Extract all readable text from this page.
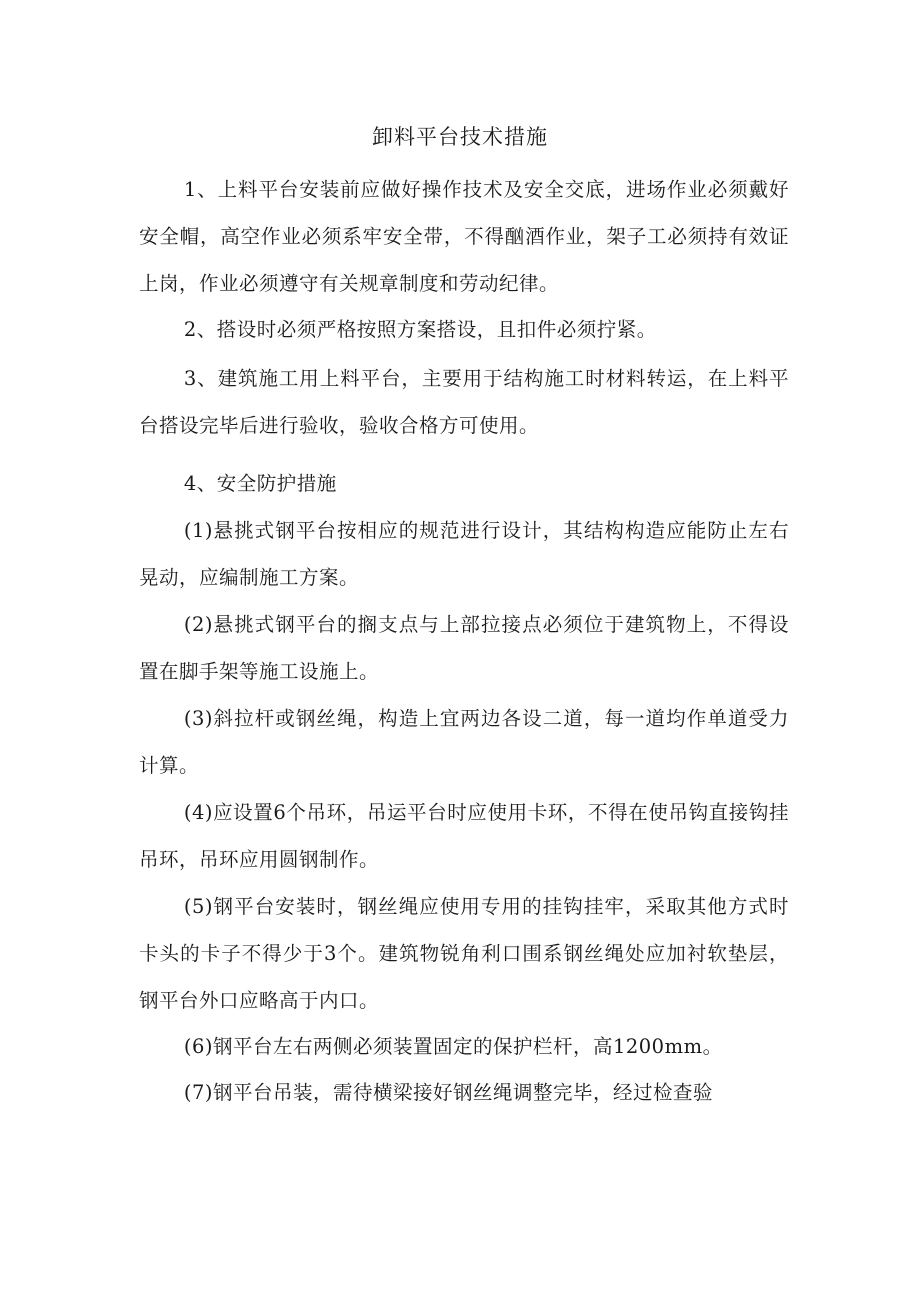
卸料平台技术措施

1、上料平台安装前应做好操作技术及安全交底，进场作业必须戴好安全帽，高空作业必须系牢安全带，不得酗酒作业，架子工必须持有效证上岗，作业必须遵守有关规章制度和劳动纪律。

2、搭设时必须严格按照方案搭设，且扣件必须拧紧。

3、建筑施工用上料平台，主要用于结构施工时材料转运，在上料平台搭设完毕后进行验收，验收合格方可使用。

4、安全防护措施

(1)悬挑式钢平台按相应的规范进行设计，其结构构造应能防止左右晃动，应编制施工方案。

(2)悬挑式钢平台的搁支点与上部拉接点必须位于建筑物上，不得设置在脚手架等施工设施上。

(3)斜拉杆或钢丝绳，构造上宜两边各设二道，每一道均作单道受力计算。

(4)应设置6个吊环，吊运平台时应使用卡环，不得在使吊钩直接钩挂吊环，吊环应用圆钢制作。

(5)钢平台安装时，钢丝绳应使用专用的挂钩挂牢，采取其他方式时卡头的卡子不得少于3个。建筑物锐角利口围系钢丝绳处应加衬软垫层，钢平台外口应略高于内口。

(6)钢平台左右两侧必须装置固定的保护栏杆，高1200mm。

(7)钢平台吊装，需待横梁接好钢丝绳调整完毕，经过检查验
